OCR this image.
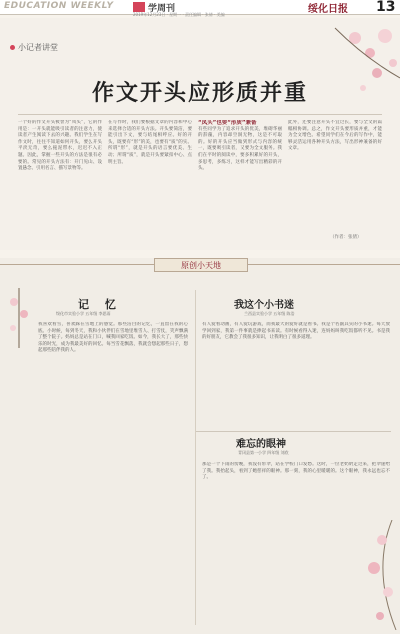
EDUCATION WEEKLY	学周刊	绥化日报 13
2019年12月23日 · 星期一 · 责任编辑 · 张倩 · 美编
小记者讲堂
作文开头应形质并重
一个好的作文开头被誉为“凤头”，它的作用是：一开头就能吸引读者的注意力，使读者产生阅读下去的兴趣。我们学生在写作文时，往往不知道如何开头，要么开头平淡无奇，要么拖泥带水，迟迟不入正题。因此，掌握一些开头的方法是很有必要的。常见的开头方法有：开门见山、设置悬念、引用名言、描写景物等。
在写作时，我们要根据文章的内容和中心来选择合适的开头方法。开头要简洁，要能引出下文，要与结尾相呼应。好的开头，既要有“形”的美，也要有“质”的实。所谓“形”，就是开头的语言要优美、生动；所谓“质”，就是开头要紧扣中心、点明主旨。
“凤头”也要“形质”兼备
有些同学为了追求开头的优美，堆砌华丽的辞藻，内容却空洞无物，这是不可取的。好的开头应当做到形式与内容的统一，既要吸引读者，又要为全文服务。我们在平时的阅读中，要多积累好的开头，多思考，多练习，这样才能写出精彩的开头。
此外，还要注意开头不宜过长，要与全文的篇幅相协调。总之，作文开头要形质并重，才能为全文增色。希望同学们在今后的写作中，能够灵活运用各种开头方法，写出形神兼备的好文章。
（作者：张倩）
原创小天地
记 忆
绥化市实验小学 五年级 李思雨
我喜欢看雪，喜欢踩在雪地上的感觉。那些洁白的记忆，一直留在我的心底。小时候，每到冬天，我和小伙伴们在雪地里堆雪人、打雪仗，笑声飘满了整个院子。妈妈总是站在门口，喊我回家吃饭。如今，我长大了，那些快乐的时光，成为我最美好的回忆。每当雪花飘落，我就会想起那些日子，想起那些陪伴我的人。
我这个小书迷
兰西县实验小学 五年级 陈浩
有人爱看动画，有人爱玩游戏，而我最大的爱好就是看书。我是个名副其实的小书迷。每天放学回到家，我第一件事就是捧起书来读。有时候看得入迷，连妈妈叫我吃饭都听不见。书是我的好朋友，它教会了我很多知识，让我明白了很多道理。
难忘的眼神
青冈县第一小学 四年级 刘欣
那是一个下雨的傍晚，我没有带伞，站在学校门口发愁。这时，一位老奶奶走过来，把伞递给了我。我抬起头，看到了她慈祥的眼神。那一刻，我的心里暖暖的。这个眼神，我永远也忘不了。
